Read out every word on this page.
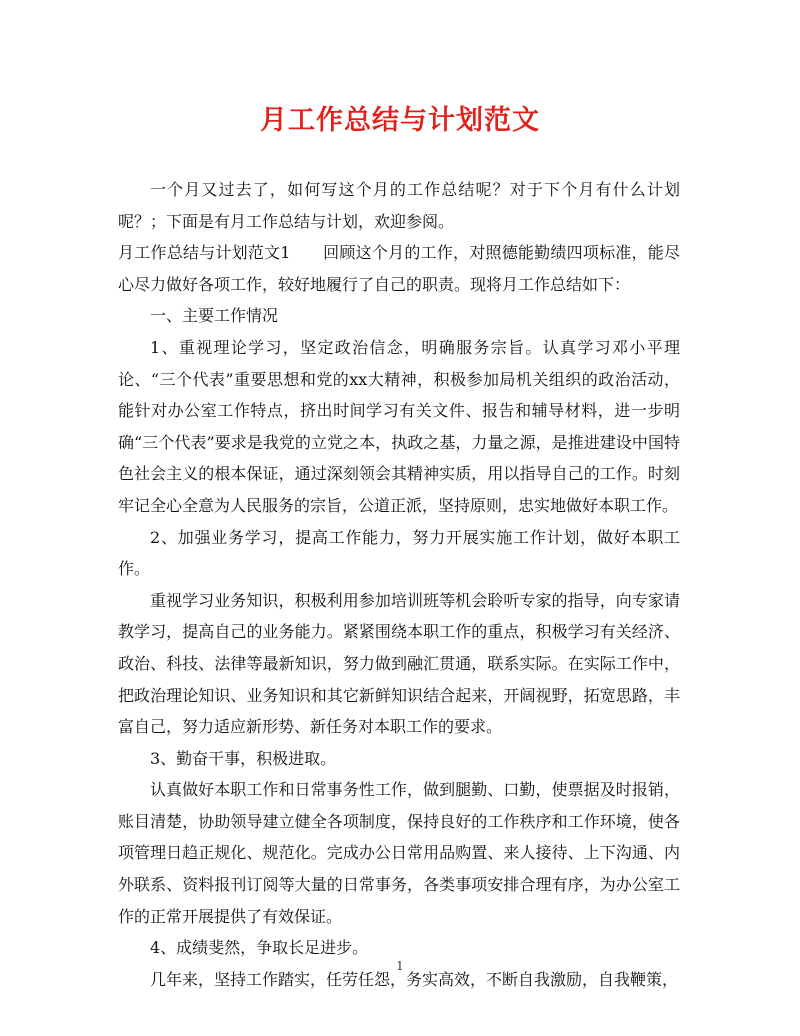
月工作总结与计划范文

一个月又过去了，如何写这个月的工作总结呢？对于下个月有什么计划呢？；下面是有月工作总结与计划，欢迎参阅。

月工作总结与计划范文1　　回顾这个月的工作，对照德能勤绩四项标准，能尽心尽力做好各项工作，较好地履行了自己的职责。现将月工作总结如下：

一、主要工作情况

1、重视理论学习，坚定政治信念，明确服务宗旨。认真学习邓小平理论、“三个代表”重要思想和党的xx大精神，积极参加局机关组织的政治活动，能针对办公室工作特点，挤出时间学习有关文件、报告和辅导材料，进一步明确“三个代表”要求是我党的立党之本，执政之基，力量之源，是推进建设中国特色社会主义的根本保证，通过深刻领会其精神实质，用以指导自己的工作。时刻牢记全心全意为人民服务的宗旨，公道正派，坚持原则，忠实地做好本职工作。

2、加强业务学习，提高工作能力，努力开展实施工作计划，做好本职工作。

重视学习业务知识，积极利用参加培训班等机会聆听专家的指导，向专家请教学习，提高自己的业务能力。紧紧围绕本职工作的重点，积极学习有关经济、政治、科技、法律等最新知识，努力做到融汇贯通，联系实际。在实际工作中，把政治理论知识、业务知识和其它新鲜知识结合起来，开阔视野，拓宽思路，丰富自己，努力适应新形势、新任务对本职工作的要求。

3、勤奋干事，积极进取。

认真做好本职工作和日常事务性工作，做到腿勤、口勤，使票据及时报销，账目清楚，协助领导建立健全各项制度，保持良好的工作秩序和工作环境，使各项管理日趋正规化、规范化。完成办公日常用品购置、来人接待、上下沟通、内外联系、资料报刊订阅等大量的日常事务，各类事项安排合理有序，为办公室工作的正常开展提供了有效保证。

4、成绩斐然，争取长足进步。

几年来，坚持工作踏实，任劳任怨，务实高效，不断自我激励，自我鞭策，

1
